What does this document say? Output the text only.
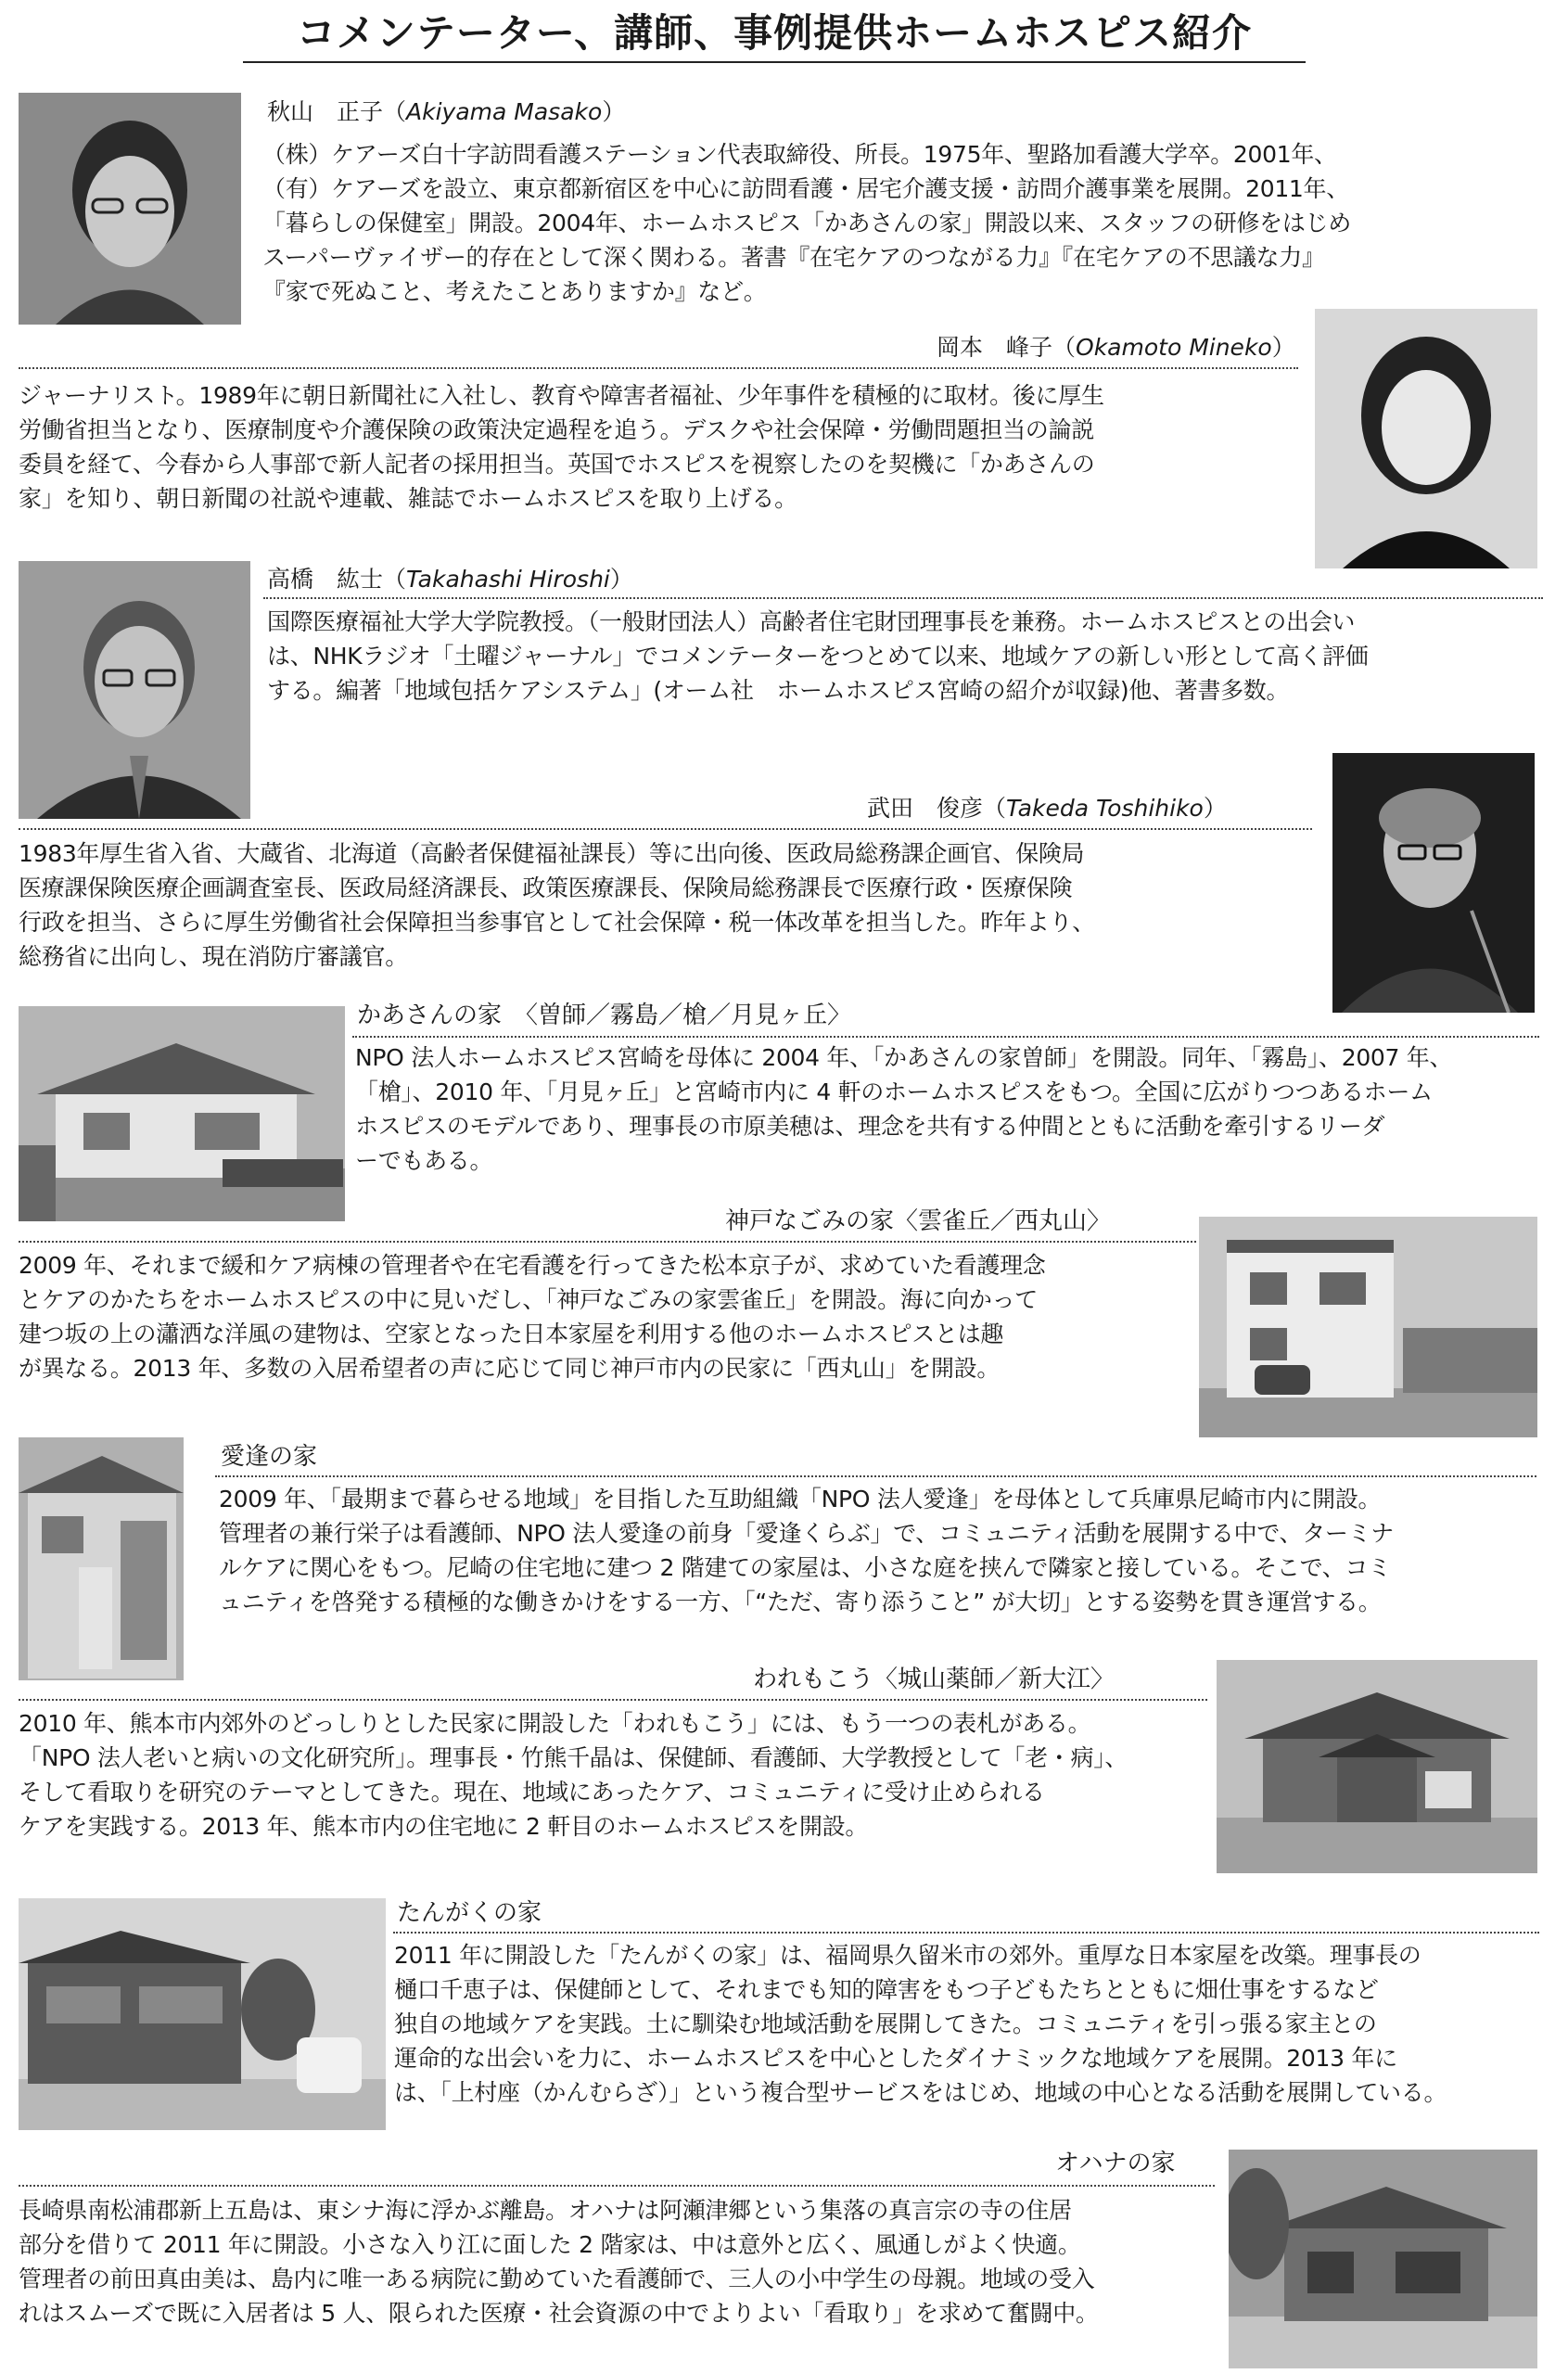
コメンテーター、講師、事例提供ホームホスピス紹介
秋山　正子（Akiyama Masako）

（株）ケアーズ白十字訪問看護ステーション代表取締役、所長。1975年、聖路加看護大学卒。2001年、

（有）ケアーズを設立、東京都新宿区を中心に訪問看護・居宅介護支援・訪問介護事業を展開。2011年、

「暮らしの保健室」開設。2004年、ホームホスピス「かあさんの家」開設以来、スタッフの研修をはじめ

スーパーヴァイザー的存在として深く関わる。著書『在宅ケアのつながる力』『在宅ケアの不思議な力』

『家で死ぬこと、考えたことありますか』など。

岡本　峰子（Okamoto Mineko）

ジャーナリスト。1989年に朝日新聞社に入社し、教育や障害者福祉、少年事件を積極的に取材。後に厚生

労働省担当となり、医療制度や介護保険の政策決定過程を追う。デスクや社会保障・労働問題担当の論説

委員を経て、今春から人事部で新人記者の採用担当。英国でホスピスを視察したのを契機に「かあさんの

家」を知り、朝日新聞の社説や連載、雑誌でホームホスピスを取り上げる。

高橋　紘士（Takahashi Hiroshi）

国際医療福祉大学大学院教授。（一般財団法人）高齢者住宅財団理事長を兼務。ホームホスピスとの出会い

は、NHKラジオ「土曜ジャーナル」でコメンテーターをつとめて以来、地域ケアの新しい形として高く評価

する。編著「地域包括ケアシステム」(オーム社　ホームホスピス宮崎の紹介が収録)他、著書多数。

武田　俊彦（Takeda Toshihiko）

1983年厚生省入省、大蔵省、北海道（高齢者保健福祉課長）等に出向後、医政局総務課企画官、保険局

医療課保険医療企画調査室長、医政局経済課長、政策医療課長、保険局総務課長で医療行政・医療保険

行政を担当、さらに厚生労働省社会保障担当参事官として社会保障・税一体改革を担当した。昨年より、

総務省に出向し、現在消防庁審議官。

かあさんの家　〈曽師／霧島／槍／月見ヶ丘〉

NPO 法人ホームホスピス宮崎を母体に 2004 年、「かあさんの家曽師」を開設。同年、「霧島」、2007 年、

「槍」、2010 年、「月見ヶ丘」と宮崎市内に 4 軒のホームホスピスをもつ。全国に広がりつつあるホーム

ホスピスのモデルであり、理事長の市原美穂は、理念を共有する仲間とともに活動を牽引するリーダ

ーでもある。

神戸なごみの家〈雲雀丘／西丸山〉

2009 年、それまで緩和ケア病棟の管理者や在宅看護を行ってきた松本京子が、求めていた看護理念

とケアのかたちをホームホスピスの中に見いだし、「神戸なごみの家雲雀丘」を開設。海に向かって

建つ坂の上の瀟洒な洋風の建物は、空家となった日本家屋を利用する他のホームホスピスとは趣

が異なる。2013 年、多数の入居希望者の声に応じて同じ神戸市内の民家に「西丸山」を開設。

愛逢の家

2009 年、「最期まで暮らせる地域」を目指した互助組織「NPO 法人愛逢」を母体として兵庫県尼崎市内に開設。

管理者の兼行栄子は看護師、NPO 法人愛逢の前身「愛逢くらぶ」で、コミュニティ活動を展開する中で、ターミナ

ルケアに関心をもつ。尼崎の住宅地に建つ 2 階建ての家屋は、小さな庭を挟んで隣家と接している。そこで、コミ

ュニティを啓発する積極的な働きかけをする一方、「“ただ、寄り添うこと” が大切」とする姿勢を貫き運営する。

われもこう〈城山薬師／新大江〉

2010 年、熊本市内郊外のどっしりとした民家に開設した「われもこう」には、もう一つの表札がある。

「NPO 法人老いと病いの文化研究所」。理事長・竹熊千晶は、保健師、看護師、大学教授として「老・病」、

そして看取りを研究のテーマとしてきた。現在、地域にあったケア、コミュニティに受け止められる

ケアを実践する。2013 年、熊本市内の住宅地に 2 軒目のホームホスピスを開設。

たんがくの家

2011 年に開設した「たんがくの家」は、福岡県久留米市の郊外。重厚な日本家屋を改築。理事長の

樋口千恵子は、保健師として、それまでも知的障害をもつ子どもたちとともに畑仕事をするなど

独自の地域ケアを実践。土に馴染む地域活動を展開してきた。コミュニティを引っ張る家主との

運命的な出会いを力に、ホームホスピスを中心としたダイナミックな地域ケアを展開。2013 年に

は、「上村座（かんむらざ）」という複合型サービスをはじめ、地域の中心となる活動を展開している。

オハナの家

長崎県南松浦郡新上五島は、東シナ海に浮かぶ離島。オハナは阿瀬津郷という集落の真言宗の寺の住居

部分を借りて 2011 年に開設。小さな入り江に面した 2 階家は、中は意外と広く、風通しがよく快適。

管理者の前田真由美は、島内に唯一ある病院に勤めていた看護師で、三人の小中学生の母親。地域の受入

れはスムーズで既に入居者は 5 人、限られた医療・社会資源の中でよりよい「看取り」を求めて奮闘中。
